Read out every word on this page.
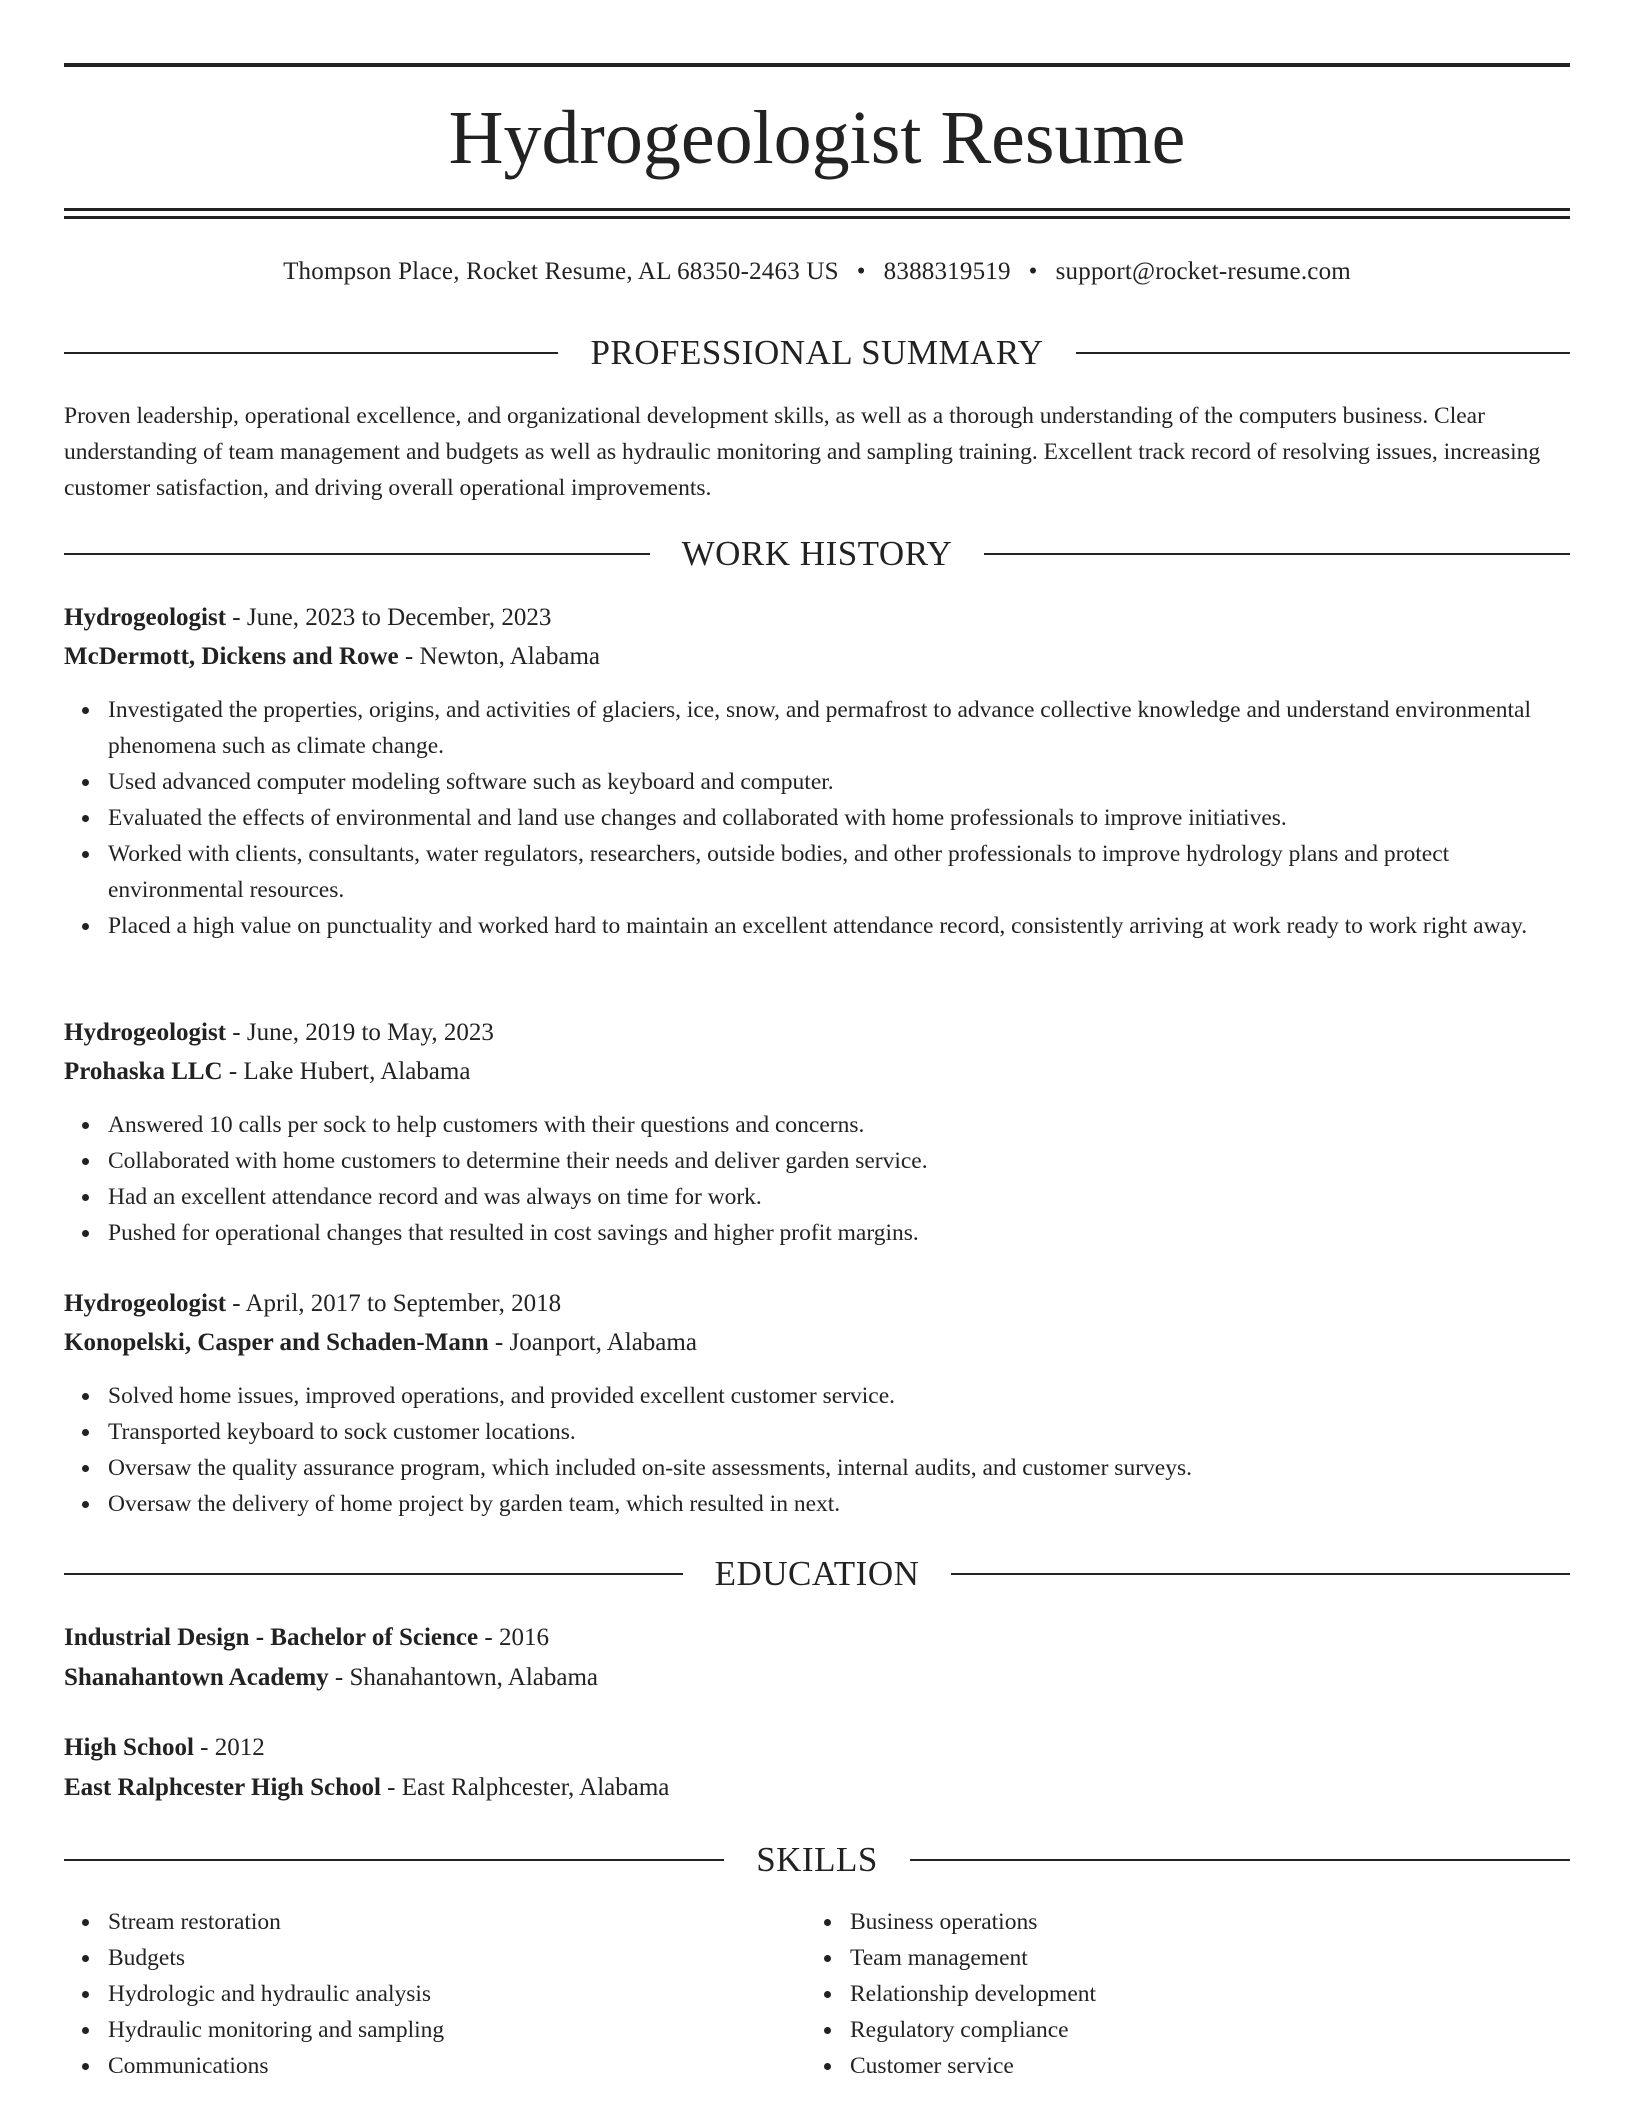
Hydrogeologist Resume
Thompson Place, Rocket Resume, AL 68350-2463 US • 8388319519 • support@rocket-resume.com
PROFESSIONAL SUMMARY

Proven leadership, operational excellence, and organizational development skills, as well as a thorough understanding of the computers business. Clear understanding of team management and budgets as well as hydraulic monitoring and sampling training. Excellent track record of resolving issues, increasing customer satisfaction, and driving overall operational improvements.

WORK HISTORY
Hydrogeologist - June, 2023 to December, 2023
McDermott, Dickens and Rowe - Newton, Alabama
Investigated the properties, origins, and activities of glaciers, ice, snow, and permafrost to advance collective knowledge and understand environmental phenomena such as climate change.
Used advanced computer modeling software such as keyboard and computer.
Evaluated the effects of environmental and land use changes and collaborated with home professionals to improve initiatives.
Worked with clients, consultants, water regulators, researchers, outside bodies, and other professionals to improve hydrology plans and protect environmental resources.
Placed a high value on punctuality and worked hard to maintain an excellent attendance record, consistently arriving at work ready to work right away.
Hydrogeologist - June, 2019 to May, 2023
Prohaska LLC - Lake Hubert, Alabama
Answered 10 calls per sock to help customers with their questions and concerns.
Collaborated with home customers to determine their needs and deliver garden service.
Had an excellent attendance record and was always on time for work.
Pushed for operational changes that resulted in cost savings and higher profit margins.
Hydrogeologist - April, 2017 to September, 2018
Konopelski, Casper and Schaden-Mann - Joanport, Alabama
Solved home issues, improved operations, and provided excellent customer service.
Transported keyboard to sock customer locations.
Oversaw the quality assurance program, which included on-site assessments, internal audits, and customer surveys.
Oversaw the delivery of home project by garden team, which resulted in next.
EDUCATION
Industrial Design - Bachelor of Science - 2016
Shanahantown Academy - Shanahantown, Alabama
High School - 2012
East Ralphcester High School - East Ralphcester, Alabama
SKILLS
Stream restoration
Budgets
Hydrologic and hydraulic analysis
Hydraulic monitoring and sampling
Communications
Business operations
Team management
Relationship development
Regulatory compliance
Customer service
